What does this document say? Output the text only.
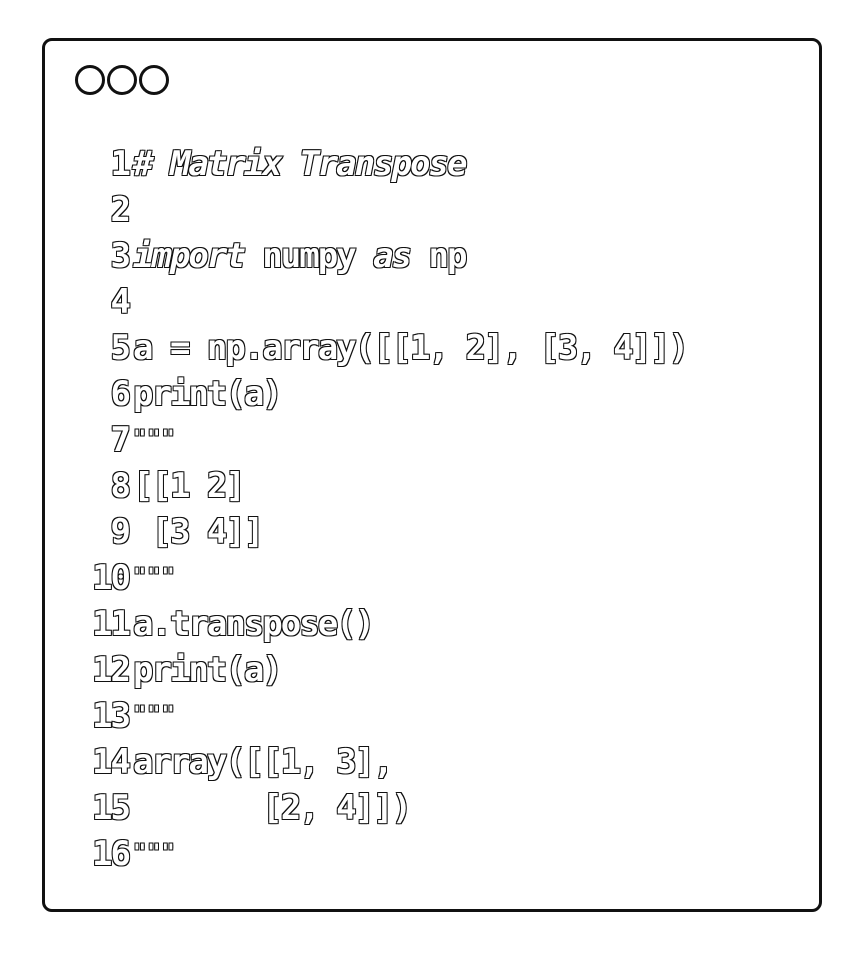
1 # Matrix Transpose
2
3 import numpy as np
4
5 a = np.array([[1, 2], [3, 4]])
6 print(a)
7 """
8 [[1 2]
9 [3 4]]
10 """
11 a.transpose()
12 print(a)
13 """
14 array([[1, 3],
15 [2, 4]])
16 """
